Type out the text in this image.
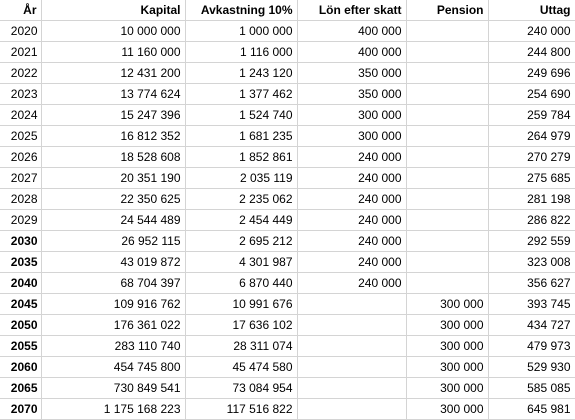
År	Kapital	Avkastning 10%	Lön efter skatt	Pension	Uttag
2020	10 000 000	1 000 000	400 000		240 000
2021	11 160 000	1 116 000	400 000		244 800
2022	12 431 200	1 243 120	350 000		249 696
2023	13 774 624	1 377 462	350 000		254 690
2024	15 247 396	1 524 740	300 000		259 784
2025	16 812 352	1 681 235	300 000		264 979
2026	18 528 608	1 852 861	240 000		270 279
2027	20 351 190	2 035 119	240 000		275 685
2028	22 350 625	2 235 062	240 000		281 198
2029	24 544 489	2 454 449	240 000		286 822
2030	26 952 115	2 695 212	240 000		292 559
2035	43 019 872	4 301 987	240 000		323 008
2040	68 704 397	6 870 440	240 000		356 627
2045	109 916 762	10 991 676		300 000	393 745
2050	176 361 022	17 636 102		300 000	434 727
2055	283 110 740	28 311 074		300 000	479 973
2060	454 745 800	45 474 580		300 000	529 930
2065	730 849 541	73 084 954		300 000	585 085
2070	1 175 168 223	117 516 822		300 000	645 981
